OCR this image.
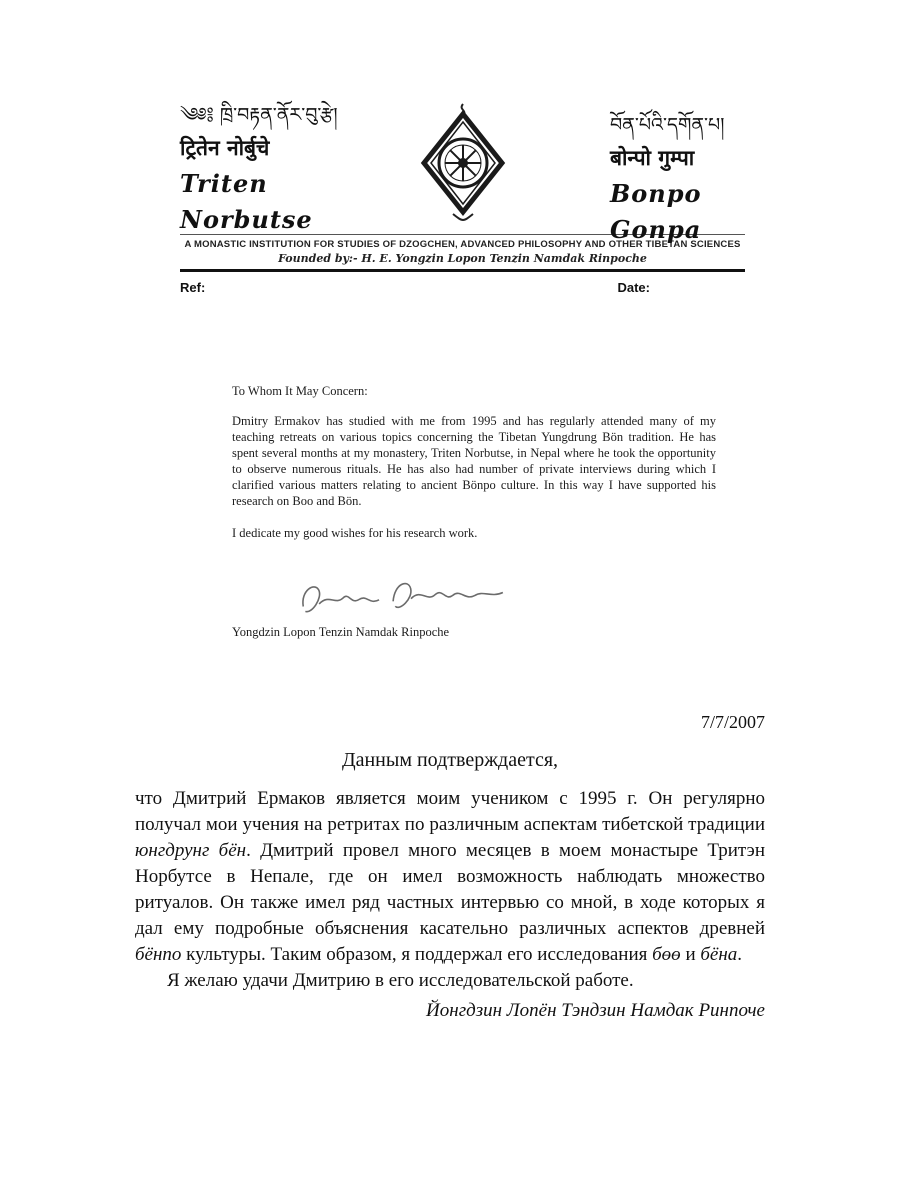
༄༅༔ ཁྲི་བརྟན་ནོར་བུ་རྩེ།
ट्रितेन नोर्बुचे
Triten Norbutse
བོན་པོའི་དགོན་པ།
बोन्पो गुम्पा
Bonpo Gonpa
A MONASTIC INSTITUTION FOR STUDIES OF DZOGCHEN, ADVANCED PHILOSOPHY AND OTHER TIBETAN SCIENCES
Founded by:- H. E. Yongzin Lopon Tenzin Namdak Rinpoche
Ref:	Date:
To Whom It May Concern:
Dmitry Ermakov has studied with me from 1995 and has regularly attended many of my teaching retreats on various topics concerning the Tibetan Yungdrung Bön tradition. He has spent several months at my monastery, Triten Norbutse, in Nepal where he took the opportunity to observe numerous rituals. He has also had number of private interviews during which I clarified various matters relating to ancient Bönpo culture. In this way I have supported his research on Boo and Bön.
I dedicate my good wishes for his research work.
Yongdzin Lopon Tenzin Namdak Rinpoche
7/7/2007
Данным подтверждается,
что Дмитрий Ермаков является моим учеником с 1995 г. Он регулярно получал мои учения на ретритах по различным аспектам тибетской традиции юнгдрунг бён. Дмитрий провел много месяцев в моем монастыре Тритэн Норбутсе в Непале, где он имел возможность наблюдать множество ритуалов. Он также имел ряд частных интервью со мной, в ходе которых я дал ему подробные объяснения касательно различных аспектов древней бёнпо культуры. Таким образом, я поддержал его исследования бөө и бёна.
Я желаю удачи Дмитрию в его исследовательской работе.
Йонгдзин Лопён Тэндзин Намдак Ринпоче
